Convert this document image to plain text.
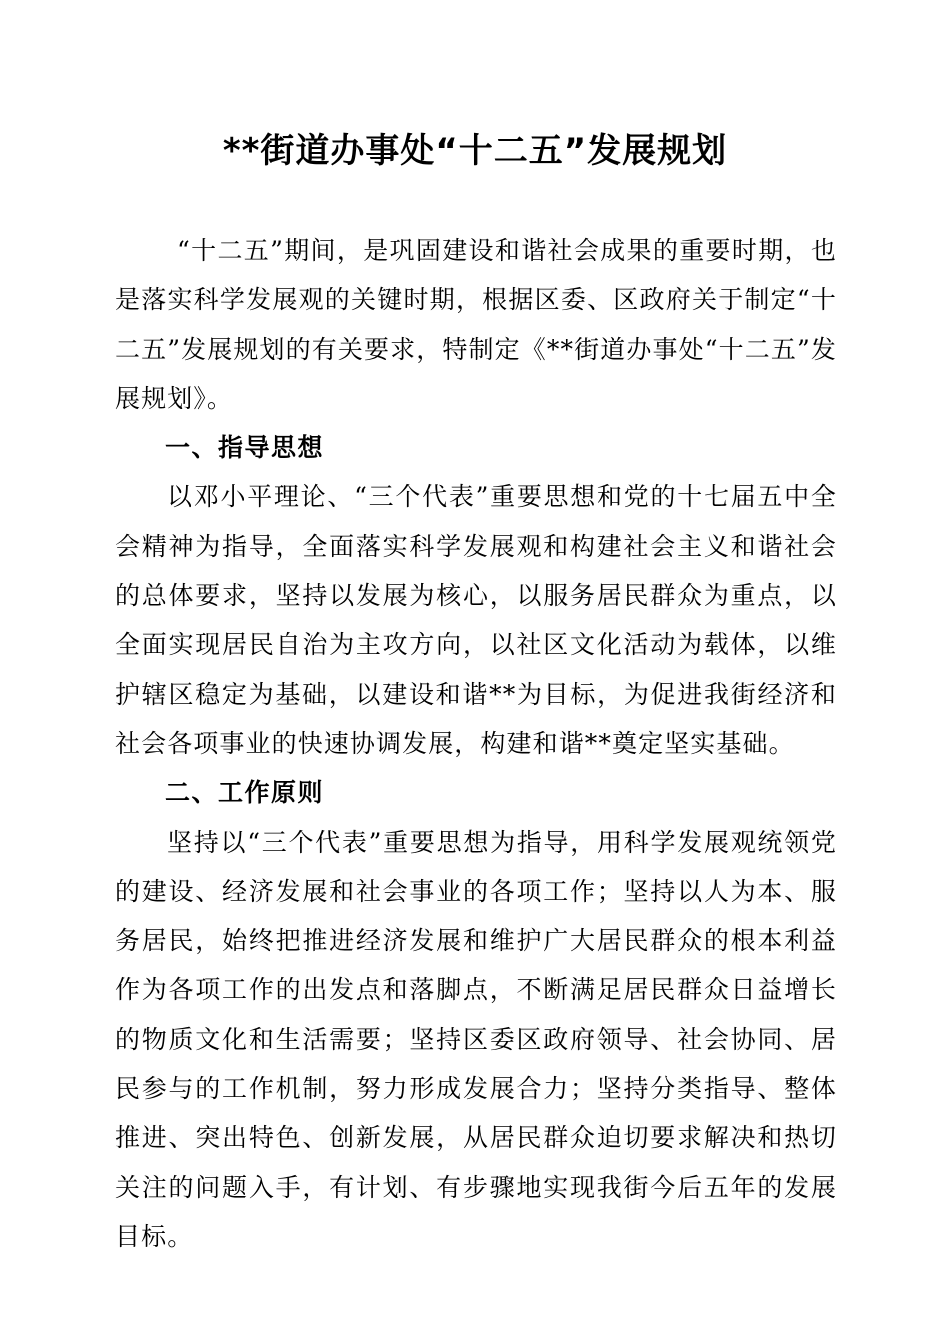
**街道办事处“十二五”发展规划

“十二五”期间，是巩固建设和谐社会成果的重要时期，也是落实科学发展观的关键时期，根据区委、区政府关于制定“十二五”发展规划的有关要求，特制定《**街道办事处“十二五”发展规划》。

一、指导思想

以邓小平理论、“三个代表”重要思想和党的十七届五中全会精神为指导，全面落实科学发展观和构建社会主义和谐社会的总体要求，坚持以发展为核心，以服务居民群众为重点，以全面实现居民自治为主攻方向，以社区文化活动为载体，以维护辖区稳定为基础，以建设和谐**为目标，为促进我街经济和社会各项事业的快速协调发展，构建和谐**奠定坚实基础。

二、工作原则

坚持以“三个代表”重要思想为指导，用科学发展观统领党的建设、经济发展和社会事业的各项工作；坚持以人为本、服务居民，始终把推进经济发展和维护广大居民群众的根本利益作为各项工作的出发点和落脚点，不断满足居民群众日益增长的物质文化和生活需要；坚持区委区政府领导、社会协同、居民参与的工作机制，努力形成发展合力；坚持分类指导、整体推进、突出特色、创新发展，从居民群众迫切要求解决和热切关注的问题入手，有计划、有步骤地实现我街今后五年的发展目标。
